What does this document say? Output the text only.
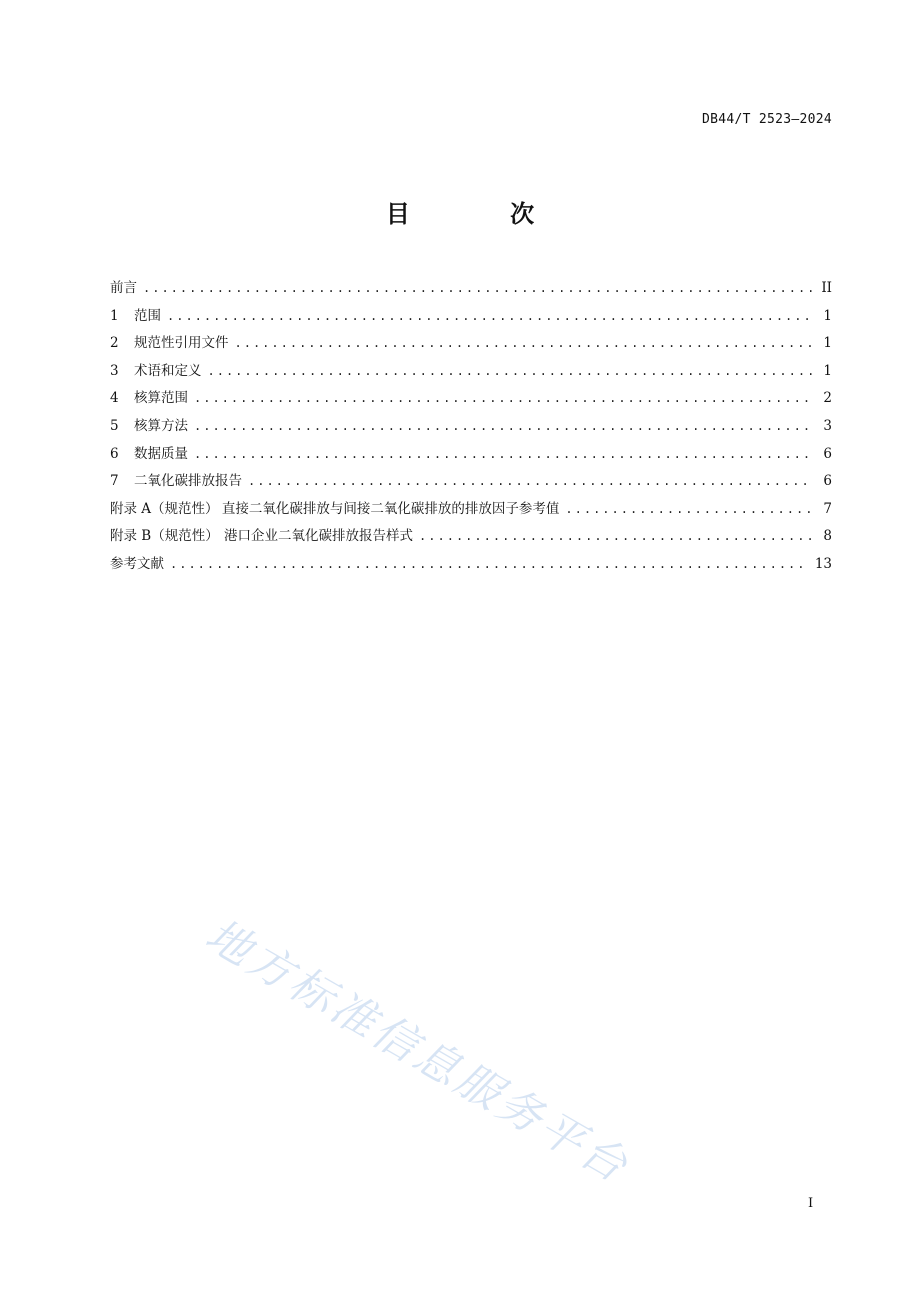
DB44/T 2523—2024
目 次
前言 .....	II
1	范围 .....	1
2	规范性引用文件 .....	1
3	术语和定义 .....	1
4	核算范围 .....	2
5	核算方法 .....	3
6	数据质量 .....	6
7	二氧化碳排放报告 .....	6
附录 A（规范性） 直接二氧化碳排放与间接二氧化碳排放的排放因子参考值 .....	7
附录 B（规范性） 港口企业二氧化碳排放报告样式 .....	8
参考文献 .....	13
地方标准信息服务平台
I
